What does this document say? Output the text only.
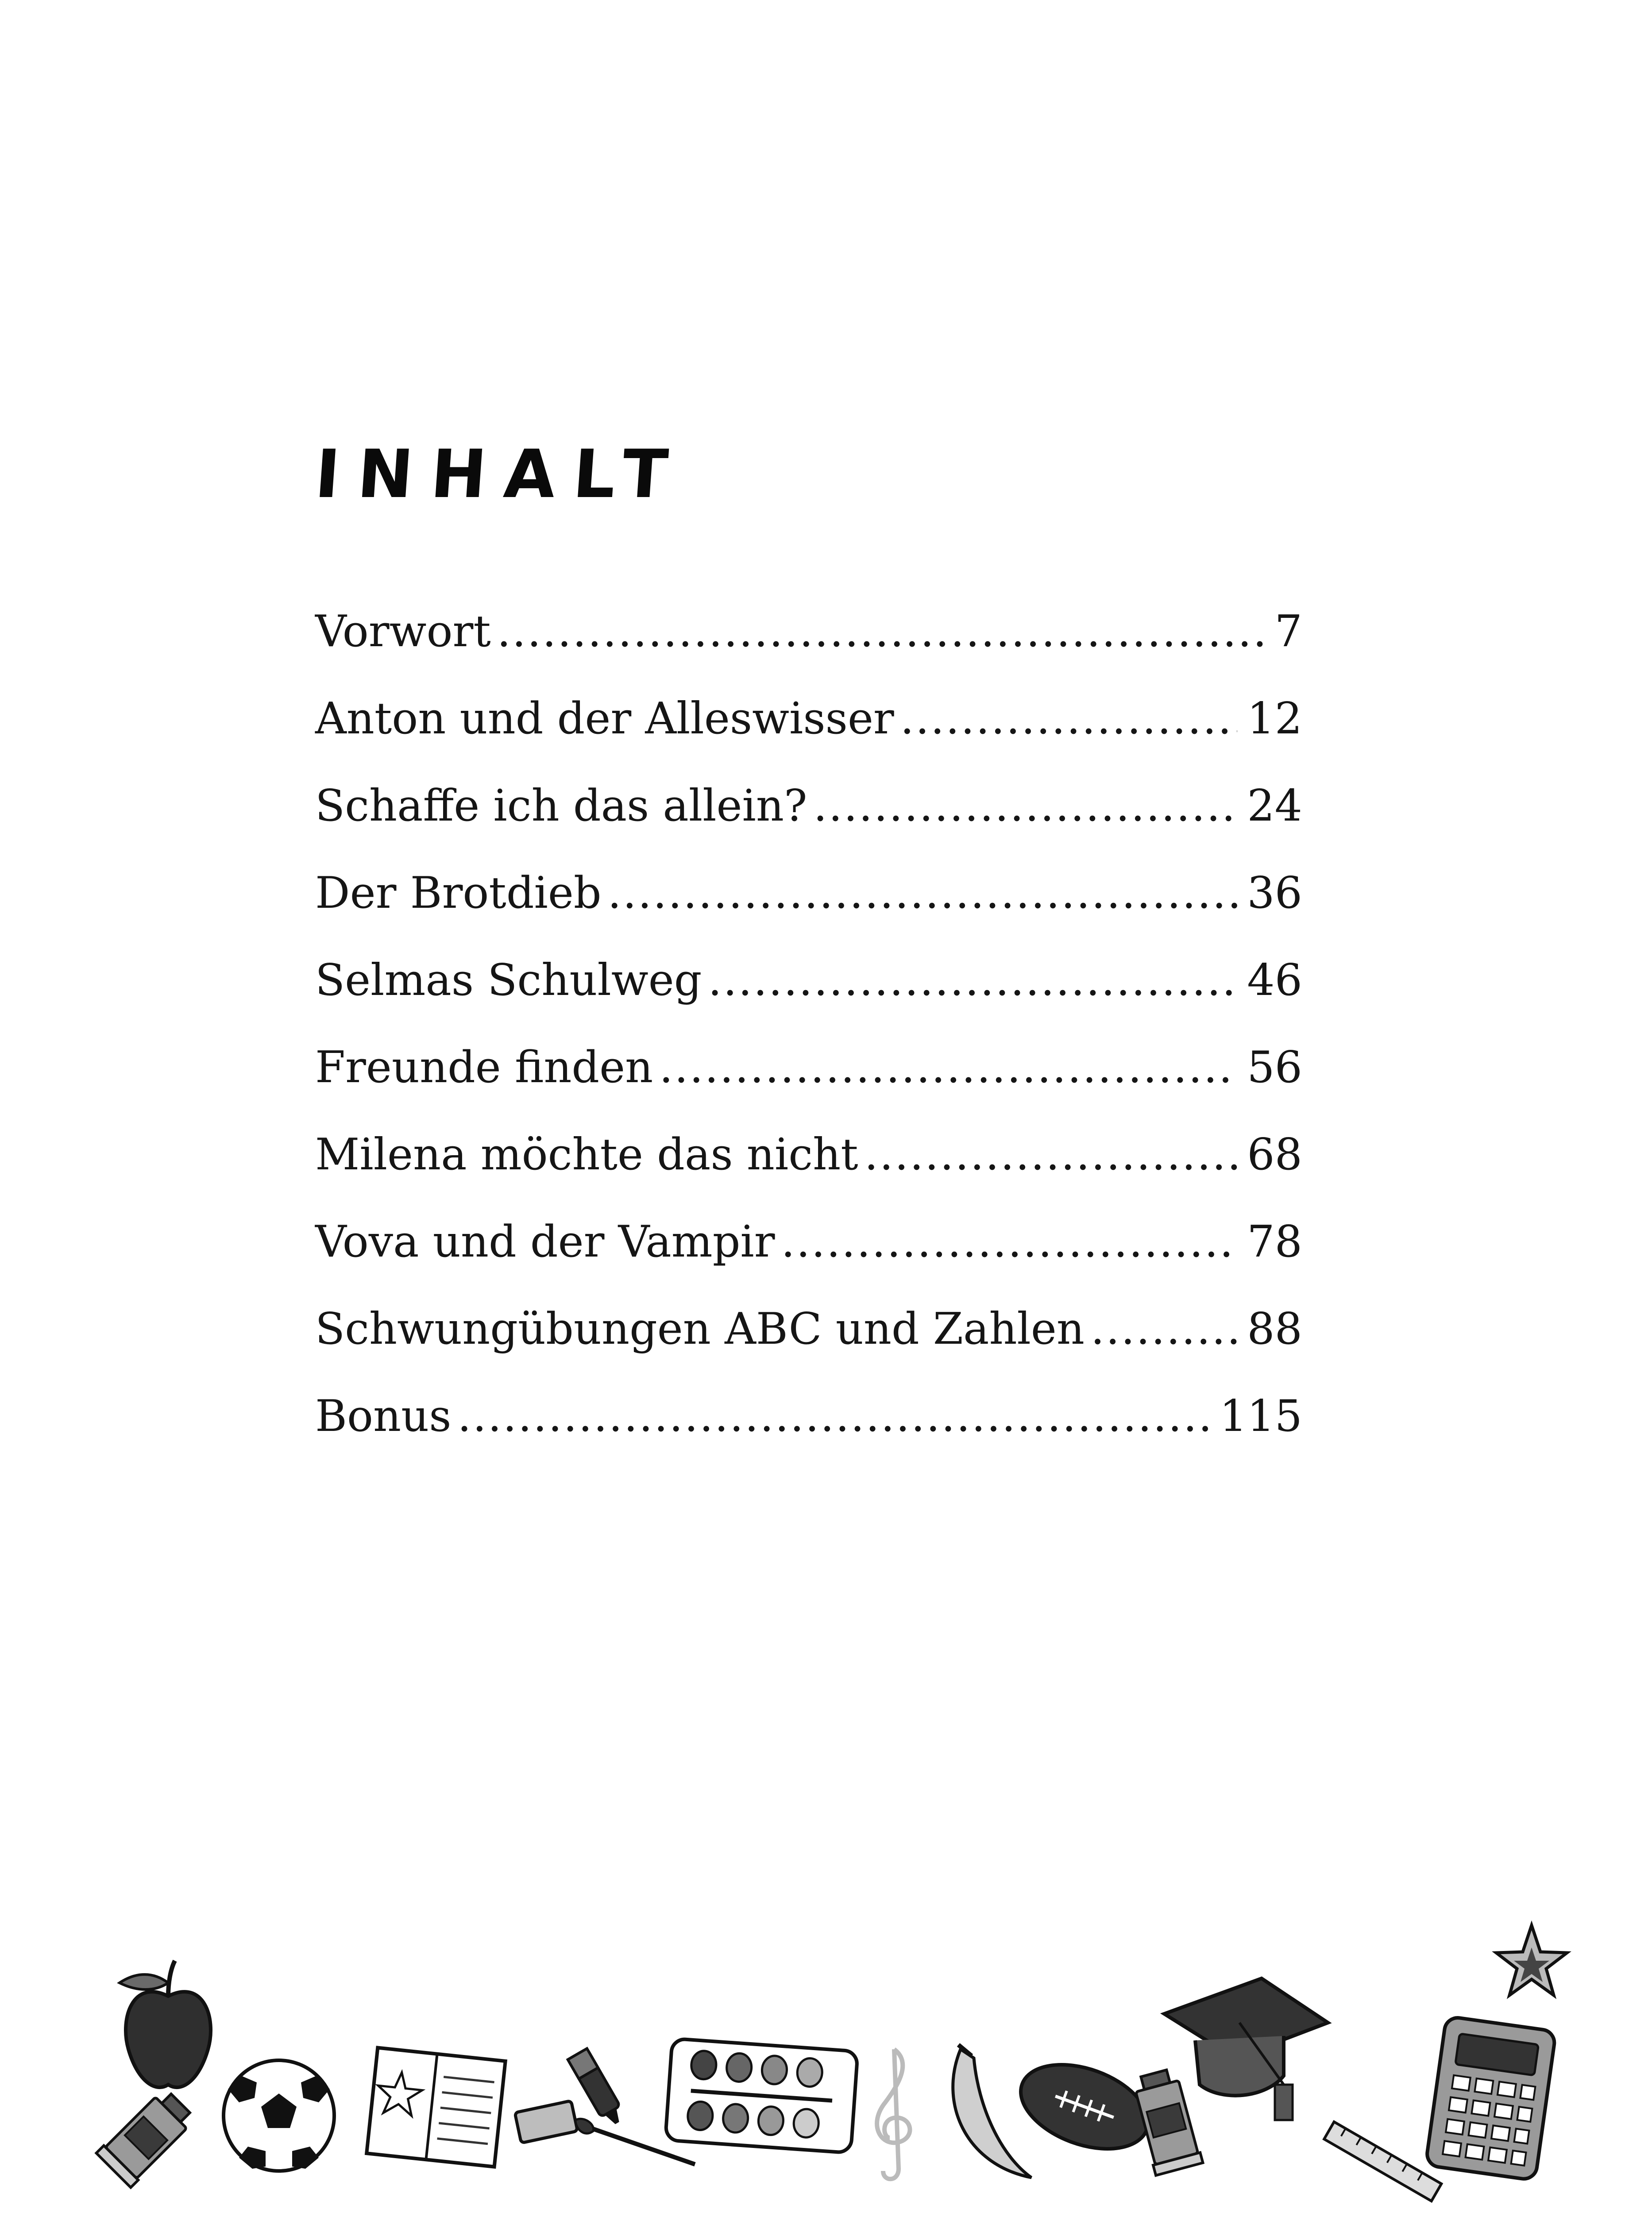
INHALT
Vorwort .....	7
Anton und der Alleswisser .....	12
Schaffe ich das allein? .....	24
Der Brotdieb .....	36
Selmas Schulweg .....	46
Freunde finden .....	56
Milena möchte das nicht .....	68
Vova und der Vampir .....	78
Schwungübungen ABC und Zahlen .....	88
Bonus .....	115
